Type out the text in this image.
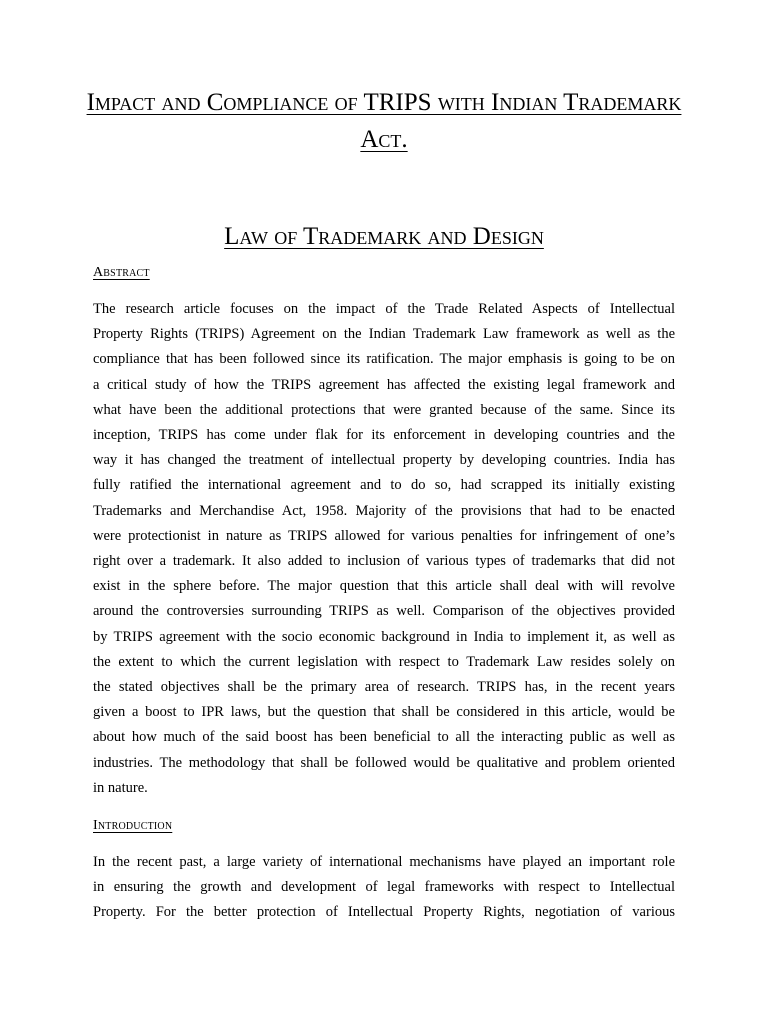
Impact and Compliance of TRIPS with Indian Trademark Act.
Law of Trademark and Design
Abstract
The research article focuses on the impact of the Trade Related Aspects of Intellectual
Property Rights (TRIPS) Agreement on the Indian Trademark Law framework as well as the
compliance that has been followed since its ratification. The major emphasis is going to be on
a critical study of how the TRIPS agreement has affected the existing legal framework and
what have been the additional protections that were granted because of the same. Since its
inception, TRIPS has come under flak for its enforcement in developing countries and the
way it has changed the treatment of intellectual property by developing countries. India has
fully ratified the international agreement and to do so, had scrapped its initially existing
Trademarks and Merchandise Act, 1958. Majority of the provisions that had to be enacted
were protectionist in nature as TRIPS allowed for various penalties for infringement of one’s
right over a trademark. It also added to inclusion of various types of trademarks that did not
exist in the sphere before. The major question that this article shall deal with will revolve
around the controversies surrounding TRIPS as well. Comparison of the objectives provided
by TRIPS agreement with the socio economic background in India to implement it, as well as
the extent to which the current legislation with respect to Trademark Law resides solely on
the stated objectives shall be the primary area of research. TRIPS has, in the recent years
given a boost to IPR laws, but the question that shall be considered in this article, would be
about how much of the said boost has been beneficial to all the interacting public as well as
industries. The methodology that shall be followed would be qualitative and problem oriented
in nature.
Introduction
In the recent past, a large variety of international mechanisms have played an important role
in ensuring the growth and development of legal frameworks with respect to Intellectual
Property. For the better protection of Intellectual Property Rights, negotiation of various
